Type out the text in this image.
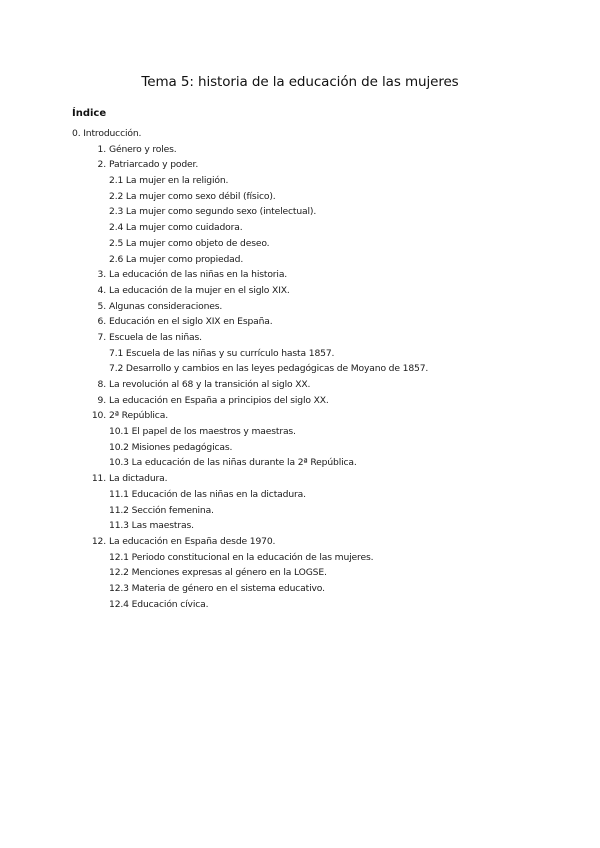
Tema 5: historia de la educación de las mujeres
Índice
0. Introducción.
1. Género y roles.
2. Patriarcado y poder.
2.1 La mujer en la religión.
2.2 La mujer como sexo débil (físico).
2.3 La mujer como segundo sexo (intelectual).
2.4 La mujer como cuidadora.
2.5 La mujer como objeto de deseo.
2.6 La mujer como propiedad.
3. La educación de las niñas en la historia.
4. La educación de la mujer en el siglo XIX.
5. Algunas consideraciones.
6. Educación en el siglo XIX en España.
7. Escuela de las niñas.
7.1 Escuela de las niñas y su currículo hasta 1857.
7.2 Desarrollo y cambios en las leyes pedagógicas de Moyano de 1857.
8. La revolución al 68 y la transición al siglo XX.
9. La educación en España a principios del siglo XX.
10. 2ª República.
10.1 El papel de los maestros y maestras.
10.2 Misiones pedagógicas.
10.3 La educación de las niñas durante la 2ª República.
11. La dictadura.
11.1 Educación de las niñas en la dictadura.
11.2 Sección femenina.
11.3 Las maestras.
12. La educación en España desde 1970.
12.1 Periodo constitucional en la educación de las mujeres.
12.2 Menciones expresas al género en la LOGSE.
12.3 Materia de género en el sistema educativo.
12.4 Educación cívica.
